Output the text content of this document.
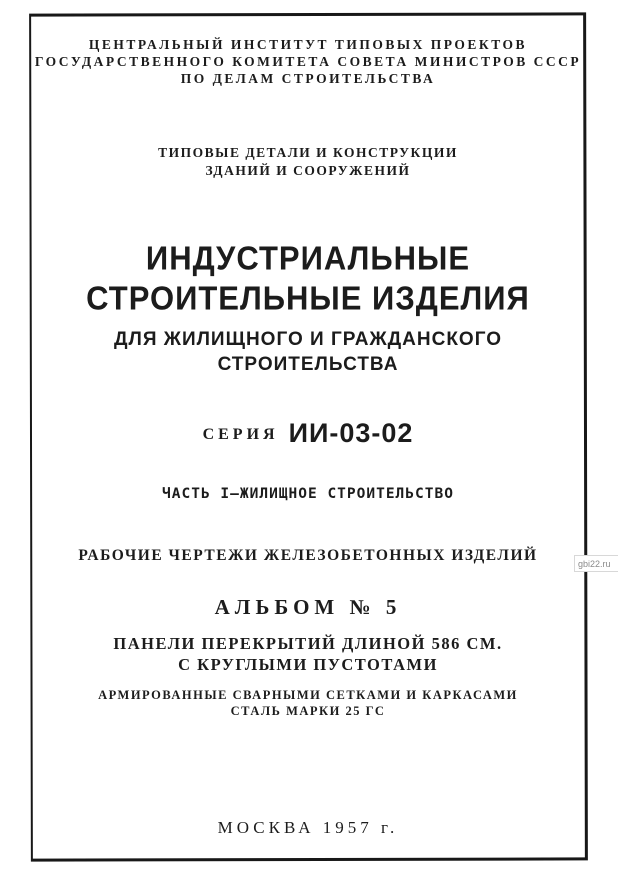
ЦЕНТРАЛЬНЫЙ ИНСТИТУТ ТИПОВЫХ ПРОЕКТОВ
ГОСУДАРСТВЕННОГО КОМИТЕТА СОВЕТА МИНИСТРОВ СССР
ПО ДЕЛАМ СТРОИТЕЛЬСТВА
ТИПОВЫЕ ДЕТАЛИ И КОНСТРУКЦИИ
ЗДАНИЙ И СООРУЖЕНИЙ
ИНДУСТРИАЛЬНЫЕ
СТРОИТЕЛЬНЫЕ ИЗДЕЛИЯ
ДЛЯ ЖИЛИЩНОГО И ГРАЖДАНСКОГО
СТРОИТЕЛЬСТВА
СЕРИЯ ИИ-03-02
ЧАСТЬ I—ЖИЛИЩНОЕ СТРОИТЕЛЬСТВО
РАБОЧИЕ ЧЕРТЕЖИ ЖЕЛЕЗОБЕТОННЫХ ИЗДЕЛИЙ
АЛЬБОМ № 5
ПАНЕЛИ ПЕРЕКРЫТИЙ ДЛИНОЙ 586 СМ.
С КРУГЛЫМИ ПУСТОТАМИ
АРМИРОВАННЫЕ СВАРНЫМИ СЕТКАМИ И КАРКАСАМИ
СТАЛЬ МАРКИ 25 ГС
МОСКВА 1957 г.
gbi22.ru
